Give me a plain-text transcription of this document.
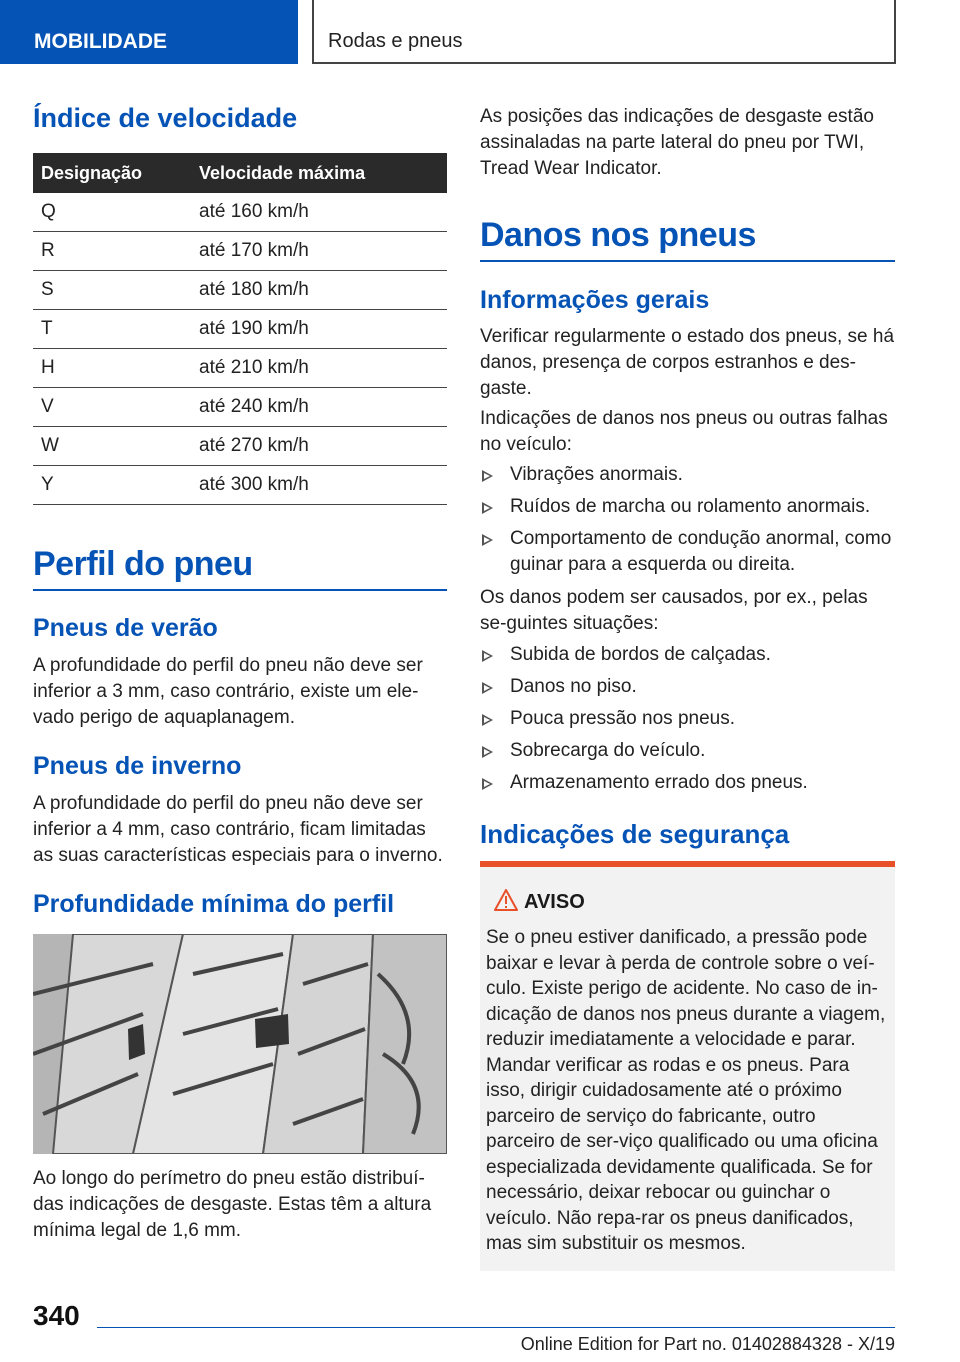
MOBILIDADE	Rodas e pneus
Índice de velocidade
Designação	Velocidade máxima
Q	até 160 km/h
R	até 170 km/h
S	até 180 km/h
T	até 190 km/h
H	até 210 km/h
V	até 240 km/h
W	até 270 km/h
Y	até 300 km/h
Perfil do pneu
Pneus de verão

A profundidade do perfil do pneu não deve ser inferior a 3 mm, caso contrário, existe um ele-vado perigo de aquaplanagem.

Pneus de inverno

A profundidade do perfil do pneu não deve ser inferior a 4 mm, caso contrário, ficam limitadas as suas características especiais para o inverno.

Profundidade mínima do perfil

Ao longo do perímetro do pneu estão distribuí-das indicações de desgaste. Estas têm a altura mínima legal de 1,6 mm.

As posições das indicações de desgaste estão assinaladas na parte lateral do pneu por TWI, Tread Wear Indicator.

Danos nos pneus
Informações gerais

Verificar regularmente o estado dos pneus, se há danos, presença de corpos estranhos e des-gaste.

Indicações de danos nos pneus ou outras falhas no veículo:

Vibrações anormais.
Ruídos de marcha ou rolamento anormais.
Comportamento de condução anormal, como guinar para a esquerda ou direita.

Os danos podem ser causados, por ex., pelas se-guintes situações:

Subida de bordos de calçadas.
Danos no piso.
Pouca pressão nos pneus.
Sobrecarga do veículo.
Armazenamento errado dos pneus.
Indicações de segurança
AVISO
Se o pneu estiver danificado, a pressão pode baixar e levar à perda de controle sobre o veí-culo. Existe perigo de acidente. No caso de in-dicação de danos nos pneus durante a viagem, reduzir imediatamente a velocidade e parar. Mandar verificar as rodas e os pneus. Para isso, dirigir cuidadosamente até o próximo parceiro de serviço do fabricante, outro parceiro de ser-viço qualificado ou uma oficina especializada devidamente qualificada. Se for necessário, deixar rebocar ou guinchar o veículo. Não repa-rar os pneus danificados, mas sim substituir os mesmos.
340
Online Edition for Part no. 01402884328 - X/19
